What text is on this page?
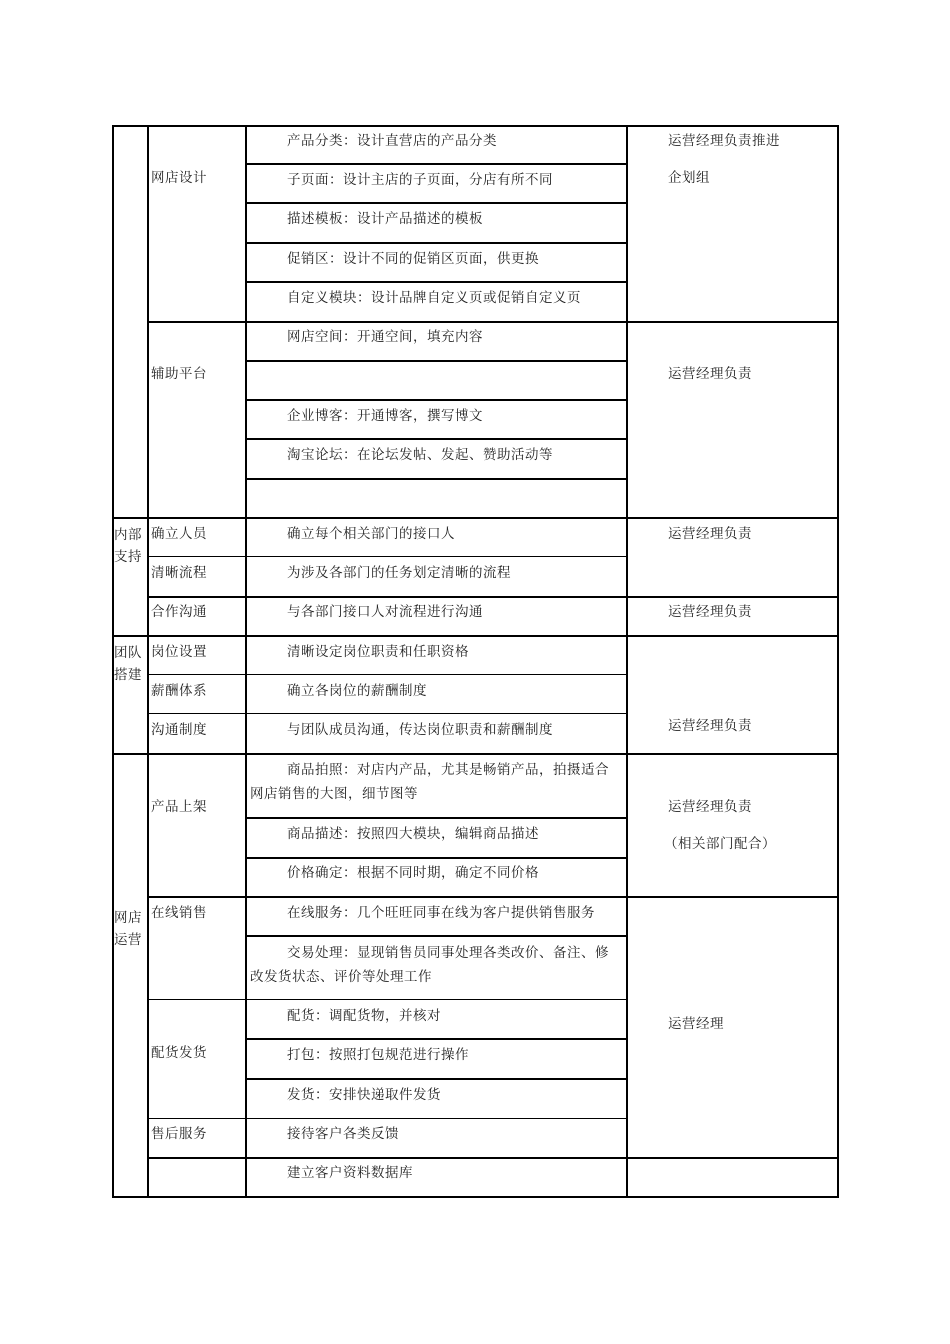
内部支持
团队搭建
网店运营
网店设计
辅助平台
确立人员
清晰流程
合作沟通
岗位设置
薪酬体系
沟通制度
产品上架
在线销售
配货发货
售后服务
产品分类：设计直营店的产品分类
子页面：设计主店的子页面，分店有所不同
描述模板：设计产品描述的模板
促销区：设计不同的促销区页面，供更换
自定义模块：设计品牌自定义页或促销自定义页
网店空间：开通空间，填充内容
企业博客：开通博客，撰写博文
淘宝论坛：在论坛发帖、发起、赞助活动等
确立每个相关部门的接口人
为涉及各部门的任务划定清晰的流程
与各部门接口人对流程进行沟通
清晰设定岗位职责和任职资格
确立各岗位的薪酬制度
与团队成员沟通，传达岗位职责和薪酬制度
商品拍照：对店内产品，尤其是畅销产品，拍摄适合
网店销售的大图，细节图等
商品描述：按照四大模块，编辑商品描述
价格确定：根据不同时期，确定不同价格
在线服务：几个旺旺同事在线为客户提供销售服务
交易处理：显现销售员同事处理各类改价、备注、修
改发货状态、评价等处理工作
配货：调配货物，并核对
打包：按照打包规范进行操作
发货：安排快递取件发货
接待客户各类反馈
建立客户资料数据库
运营经理负责推进
企划组
运营经理负责
运营经理负责
运营经理负责
运营经理负责
运营经理负责
（相关部门配合）
运营经理
